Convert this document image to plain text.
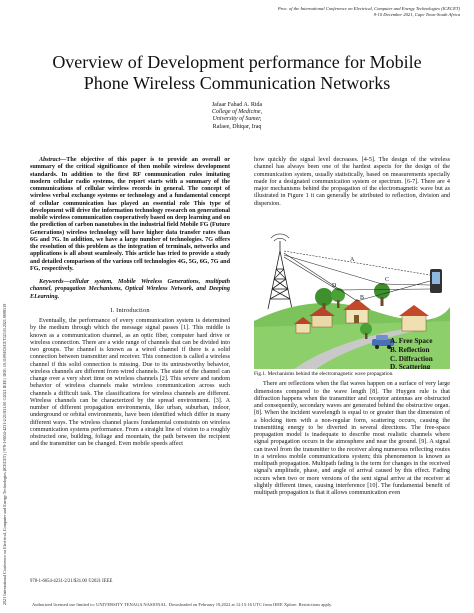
Proc. of the International Conference on Electrical, Computer and Energy Technologies (ICECET)
9-10 December 2021, Cape Town-South Africa
2021 International Conference on Electrical, Computer and Energy Technologies (ICECET) | 978-1-6654-4231-2/21/$31.00 ©2021 IEEE | DOI: 10.1109/ICECET52533.2021.9698519
Overview of Development performance for Mobile
Phone Wireless Communication Networks
Jafaar Fahad A. Rida
College of Medicine,
University of Sumer,
Rafaee, Dhiqar, Iraq

Abstract—The objective of this paper is to provide an overall or summary of the critical significance of then mobile wireless development standards. In addition to the first RF communication rules imitating modern cellular radio systems, the report starts with a summary of the communications of cellular wireless records in general. The concept of wireless verbal exchange systems or technology and a fundamental concept of cellular communication has played an essential role This type of development will drive the information technology research on generational mobile wireless communication cooperatively based on deep learning and on the prediction of carbon nanotubes in the industrial field Mobile FG (Future Generations) wireless technology will have higher data transfer rates than 6G and 7G. In addition, we have a large number of technologies. 7G offers the resolution of this problem as the integration of terminals, networks and applications is all about seamlessly. This article has tried to provide a study and detailed comparison of the various cell technologies 4G, 5G, 6G, 7G and FG, respectively.

Keywords—cellular system, Mobile Wireless Generations, multipath channel, propagation Mechanisms, Optical Wireless Network, and Deeping ELearning.

I. Introduction

Eventually, the performance of every communication system is determined by the medium through which the message signal passes [1]. This middle is known as a communication channel, as an optic fiber, computer hard drive or wireless connection. There are a wide range of channels that can be divided into two groups. The channel is known as a wired channel if there is a solid connection between transmitter and receiver. This connection is called a wireless channel if this solid connection is missing. Due to its untrustworthy behavior, wireless channels are different from wired channels. The state of the channel can change over a very short time on wireless channels [2]. This severe and random behavior of wireless channels make wireless communication across such channels a difficult task. The classifications for wireless channels are different. Wireless channels can be characterized by the spread environment. [3]. A number of different propagation environments, like urban, suburban, indoor, underground or orbital environments, have been identified which differ in many different ways. The wireless channel places fundamental constraints on wireless communication systems performance. From a straight line of vision to a roughly obstructed one, building, foliage and mountain, the path between the recipient and the transmitter can be changed. Even mobile speeds affect

how quickly the signal level decreases. [4-5]. The design of the wireless channel has always been one of the hardest aspects for the design of the communication system, usually statistically, based on measurements specially made for a designated communication system or spectrum. [6-7]. There are 4 major mechanisms behind the propagation of the electromagnetic wave but as illustrated in Figure 1 it can generally be attributed to reflection, division and dispersion.

A
B
C
D
A. Free Space
B. Reflection
C. Diffraction
D. Scattering
Fig.1. Mechanisms behind the electromagnetic wave propagation.

There are reflections when the flat waves happen on a surface of very large dimensions compared to the wave length [8]. The Huygen rule is that diffraction happens when the transmitter and receptor antennas are obstructed and consequently, secondary waves are generated behind the obstructive organ. [8]. When the incident wavelength is equal to or greater than the dimension of a blocking item with a non-regular form, scattering occurs, causing the transmitting energy to be diverted in several directions. The free-space propagation model is inadequate to describe most realistic channels where signal propagation occurs in the atmosphere and near the ground. [9]. A signal can travel from the transmitter to the receiver along numerous reflecting routes in a wireless mobile communications system; this phenomenon is known as multipath propagation. Multipath fading is the term for changes in the received signal's amplitude, phase, and angle of arrival caused by this effect. Fading occurs when two or more versions of the sent signal arrive at the receiver at slightly different times, causing interference [10]. The fundamental benefit of multipath propagation is that it allows communication even

978-1-6654-4231-2/21/$31.00 ©2021 IEEE
Authorized licensed use limited to: UNIVERSITY TENAGA NASIONAL. Downloaded on February 19,2022 at 12:15:16 UTC from IEEE Xplore. Restrictions apply.
